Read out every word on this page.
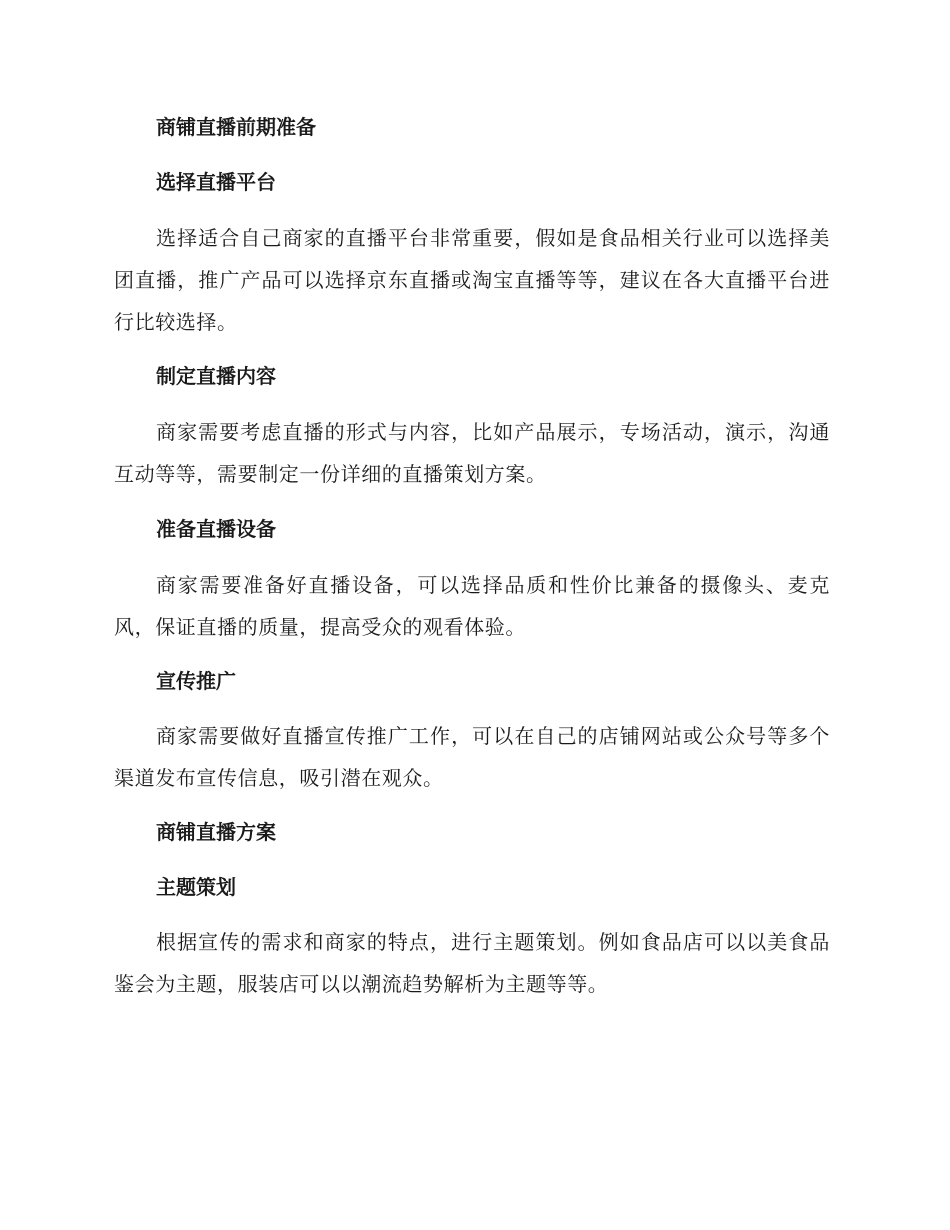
商铺直播前期准备
选择直播平台
选择适合自己商家的直播平台非常重要，假如是食品相关行业可以选择美团直播，推广产品可以选择京东直播或淘宝直播等等，建议在各大直播平台进行比较选择。
制定直播内容
商家需要考虑直播的形式与内容，比如产品展示，专场活动，演示，沟通互动等等，需要制定一份详细的直播策划方案。
准备直播设备
商家需要准备好直播设备，可以选择品质和性价比兼备的摄像头、麦克风，保证直播的质量，提高受众的观看体验。
宣传推广
商家需要做好直播宣传推广工作，可以在自己的店铺网站或公众号等多个渠道发布宣传信息，吸引潜在观众。
商铺直播方案
主题策划
根据宣传的需求和商家的特点，进行主题策划。例如食品店可以以美食品鉴会为主题，服装店可以以潮流趋势解析为主题等等。
